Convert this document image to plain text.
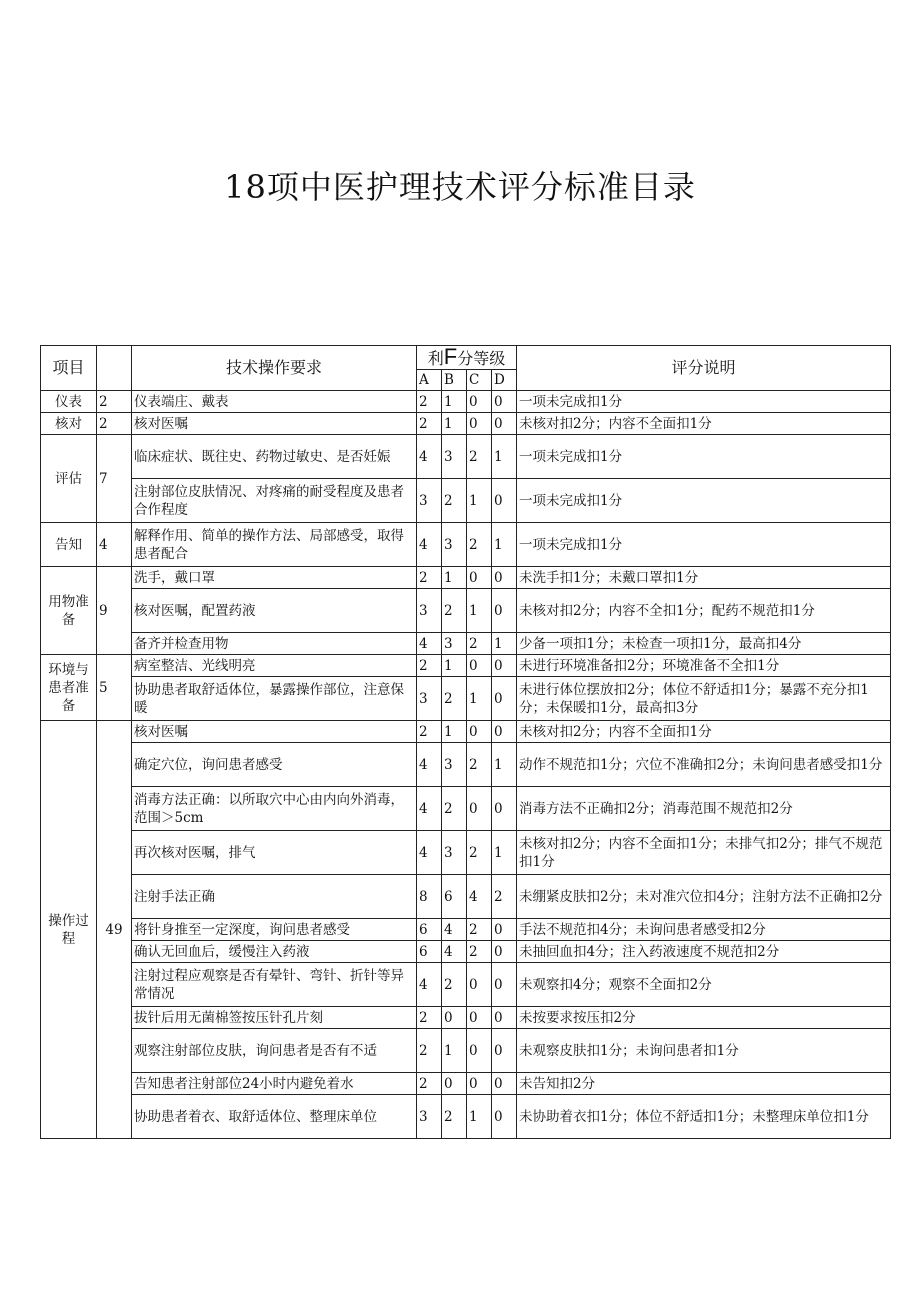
18项中医护理技术评分标准目录
项目		技术操作要求	利F分等级				评分说明
			A	B	C	D	
仪表	2	仪表端庄、戴表	2	1	0	0	一项未完成扣1分
核对	2	核对医嘱	2	1	0	0	未核对扣2分；内容不全面扣1分
评估	7	临床症状、既往史、药物过敏史、是否妊娠	4	3	2	1	一项未完成扣1分
		注射部位皮肤情况、对疼痛的耐受程度及患者合作程度	3	2	1	0	一项未完成扣1分
告知	4	解释作用、简单的操作方法、局部感受，取得患者配合	4	3	2	1	一项未完成扣1分
用物准备	9	洗手，戴口罩	2	1	0	0	未洗手扣1分；未戴口罩扣1分
		核对医嘱，配置药液	3	2	1	0	未核对扣2分；内容不全扣1分；配药不规范扣1分
		备齐并检查用物	4	3	2	1	少备一项扣1分；未检查一项扣1分，最高扣4分
环境与患者准备	5	病室整洁、光线明亮	2	1	0	0	未进行环境准备扣2分；环境准备不全扣1分
		协助患者取舒适体位，暴露操作部位，注意保暖	3	2	1	0	未进行体位摆放扣2分；体位不舒适扣1分；暴露不充分扣1分；未保暖扣1分，最高扣3分
操作过程	49	核对医嘱	2	1	0	0	未核对扣2分；内容不全面扣1分
		确定穴位，询问患者感受	4	3	2	1	动作不规范扣1分；穴位不准确扣2分；未询问患者感受扣1分
		消毒方法正确：以所取穴中心由内向外消毒，范围＞5cm	4	2	0	0	消毒方法不正确扣2分；消毒范围不规范扣2分
		再次核对医嘱，排气	4	3	2	1	未核对扣2分；内容不全面扣1分；未排气扣2分；排气不规范扣1分
		注射手法正确	8	6	4	2	未绷紧皮肤扣2分；未对准穴位扣4分；注射方法不正确扣2分
		将针身推至一定深度，询问患者感受	6	4	2	0	手法不规范扣4分；未询问患者感受扣2分
		确认无回血后，缓慢注入药液	6	4	2	0	未抽回血扣4分；注入药液速度不规范扣2分
		注射过程应观察是否有晕针、弯针、折针等异常情况	4	2	0	0	未观察扣4分；观察不全面扣2分
		拔针后用无菌棉签按压针孔片刻	2	0	0	0	未按要求按压扣2分
		观察注射部位皮肤，询问患者是否有不适	2	1	0	0	未观察皮肤扣1分；未询问患者扣1分
		告知患者注射部位24小时内避免着水	2	0	0	0	未告知扣2分
		协助患者着衣、取舒适体位、整理床单位	3	2	1	0	未协助着衣扣1分；体位不舒适扣1分；未整理床单位扣1分
